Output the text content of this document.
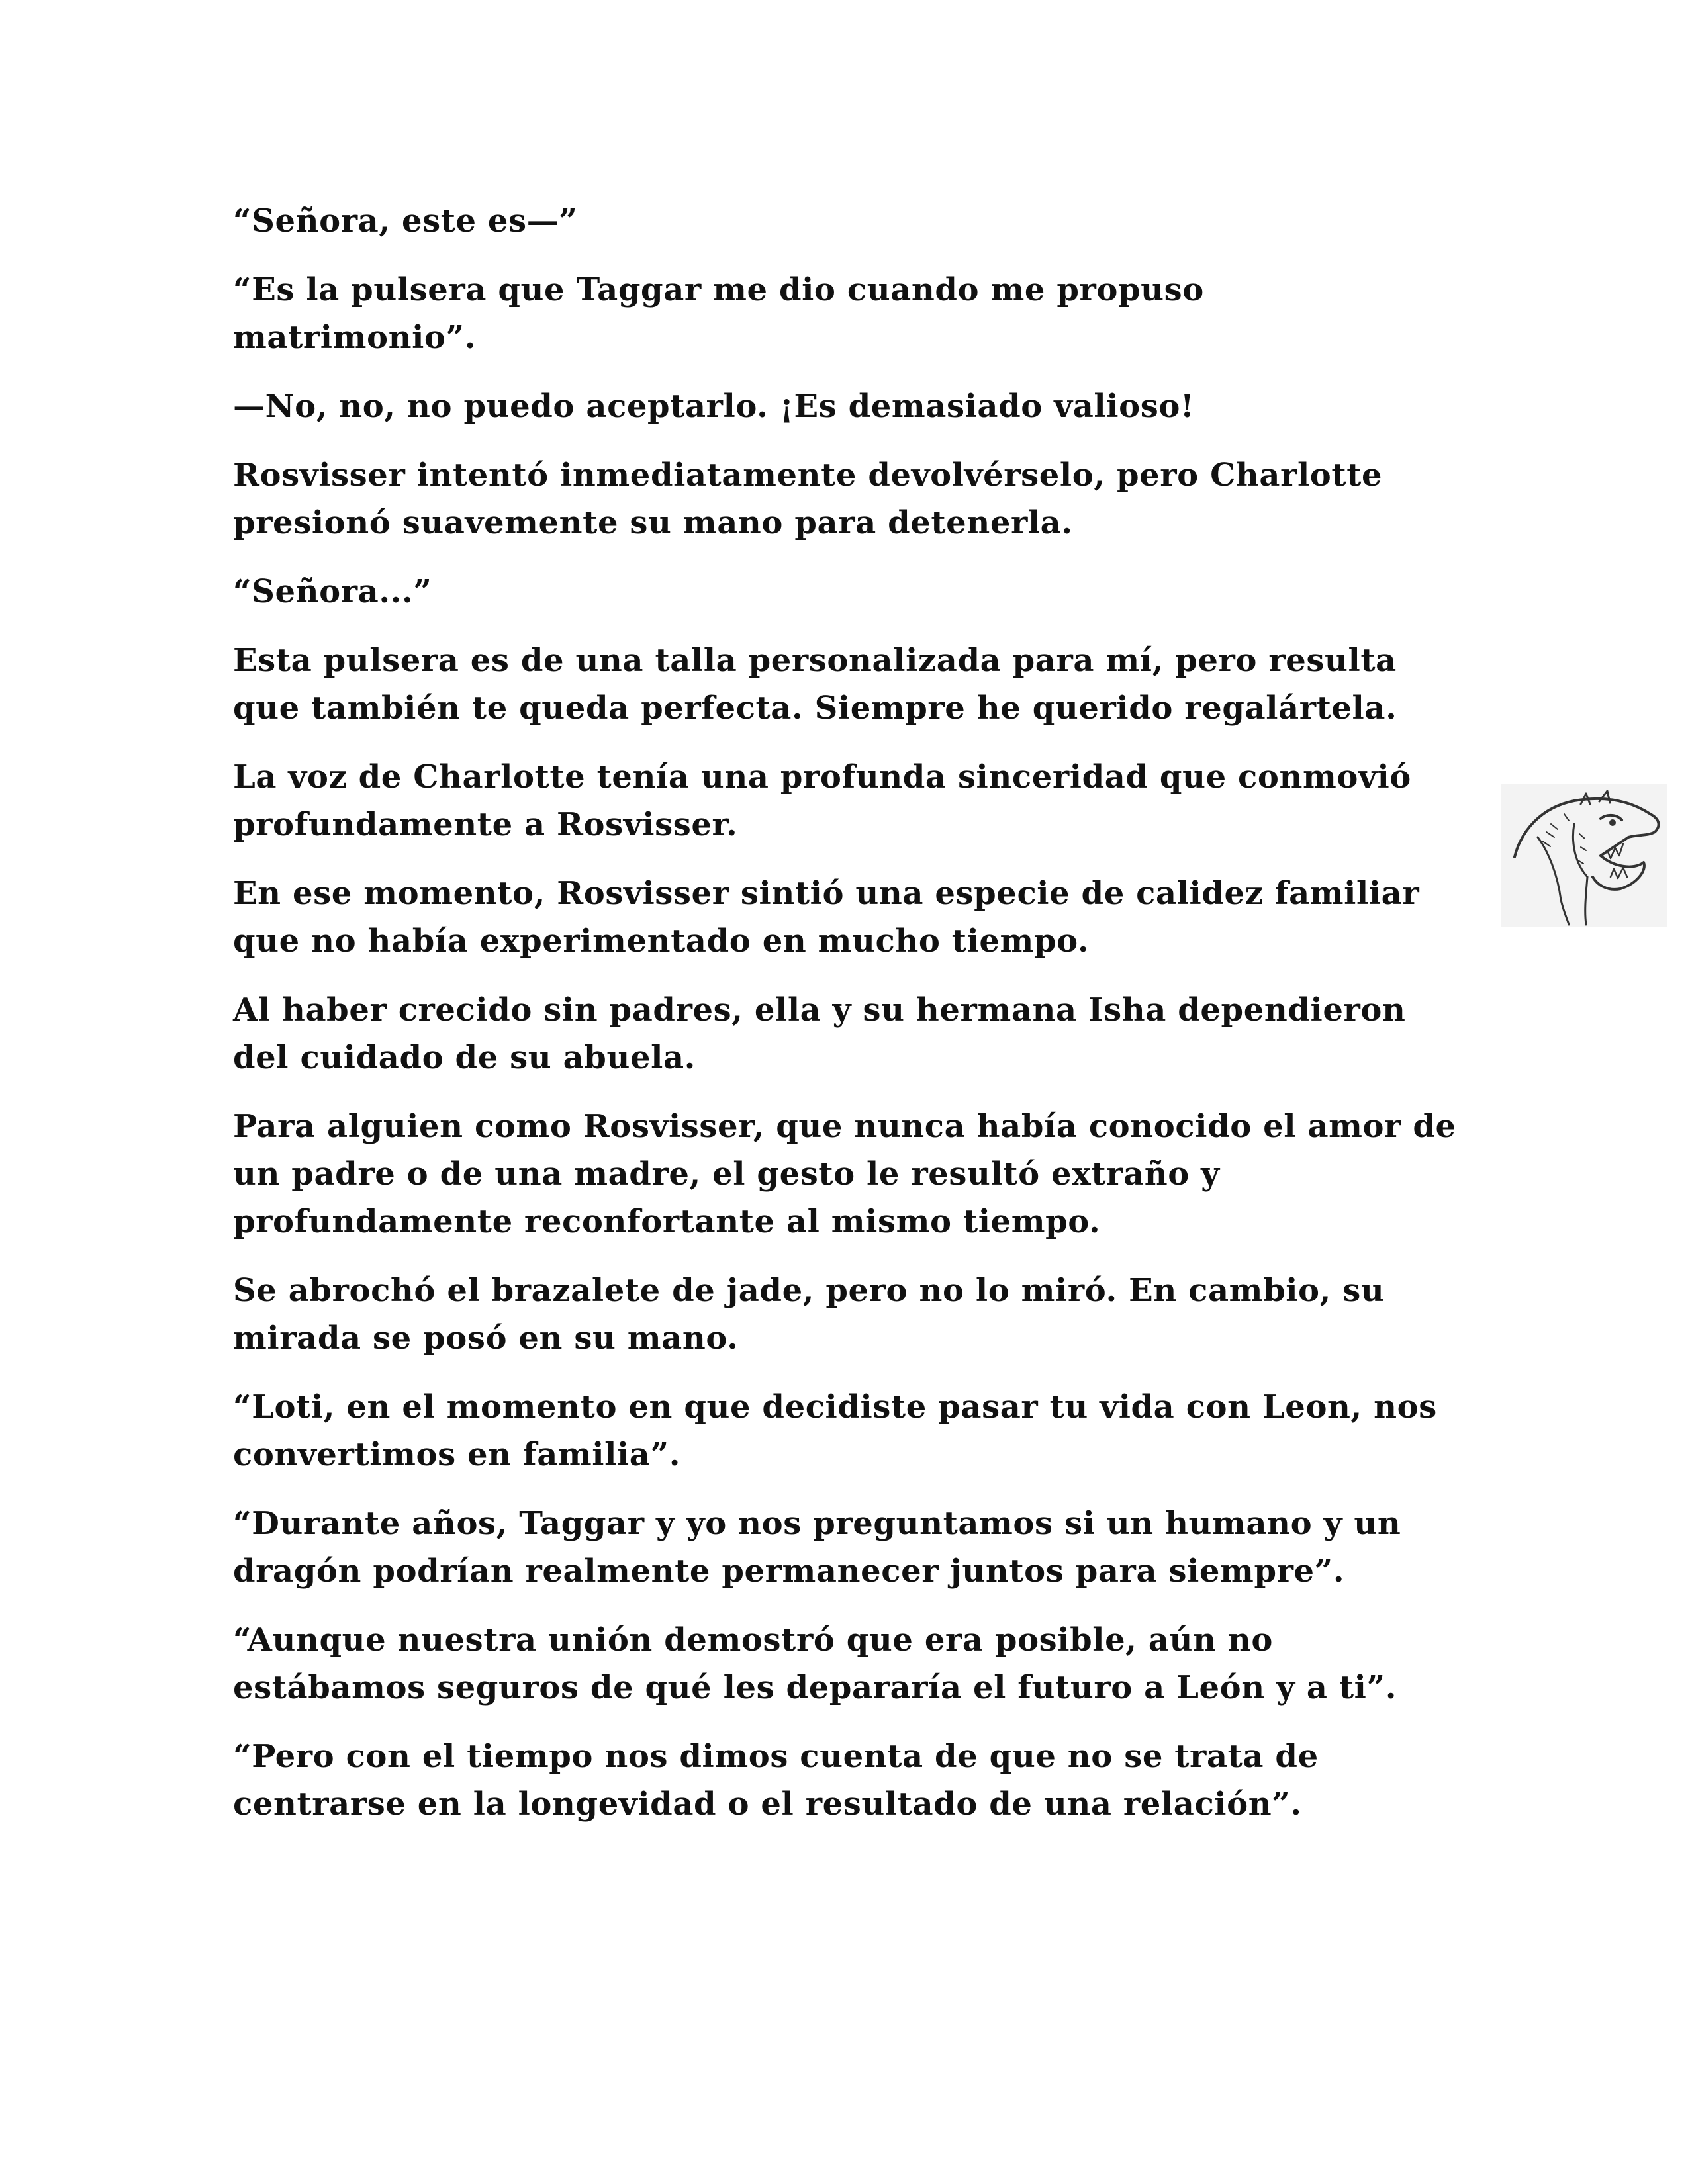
“Señora, este es—”

“Es la pulsera que Taggar me dio cuando me propuso matrimonio”.

—No, no, no puedo aceptarlo. ¡Es demasiado valioso!

Rosvisser intentó inmediatamente devolvérselo, pero Charlotte presionó suavemente su mano para detenerla.

“Señora...”

Esta pulsera es de una talla personalizada para mí, pero resulta que también te queda perfecta. Siempre he querido regalártela.

La voz de Charlotte tenía una profunda sinceridad que conmovió profundamente a Rosvisser.

En ese momento, Rosvisser sintió una especie de calidez familiar que no había experimentado en mucho tiempo.

Al haber crecido sin padres, ella y su hermana Isha dependieron del cuidado de su abuela.

Para alguien como Rosvisser, que nunca había conocido el amor de un padre o de una madre, el gesto le resultó extraño y profundamente reconfortante al mismo tiempo.

Se abrochó el brazalete de jade, pero no lo miró. En cambio, su mirada se posó en su mano.

“Loti, en el momento en que decidiste pasar tu vida con Leon, nos convertimos en familia”.

“Durante años, Taggar y yo nos preguntamos si un humano y un dragón podrían realmente permanecer juntos para siempre”.

“Aunque nuestra unión demostró que era posible, aún no estábamos seguros de qué les depararía el futuro a León y a ti”.

“Pero con el tiempo nos dimos cuenta de que no se trata de centrarse en la longevidad o el resultado de una relación”.
